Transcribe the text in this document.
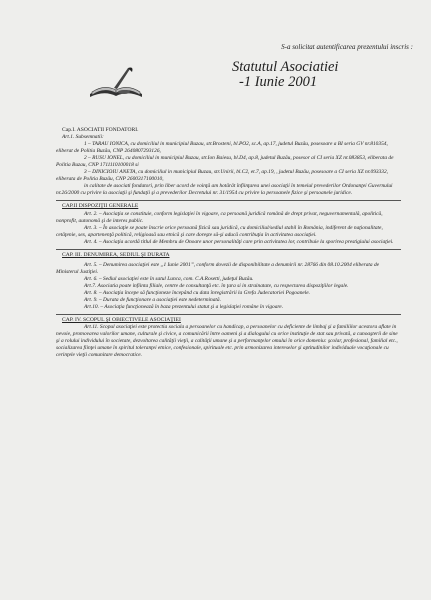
S-a solicitat autentificarea prezentului inscris :
Statutul Asociatiei
-1 Iunie 2001

Cap.I. ASOCIATII FONDATORI.

Art.1. Subsemnatii:

1 – TARAU IONICA, cu domiciliul in municipiul Buzau, str.Brosteni, bl.PO2, sc.A, ap.17, judetul Buzău, posesoare a BI seria GV nr.810354, eliberat de Politia Buzău, CNP 2640807293126,

2 – RUSU IONEL, cu domiciliul in municipiul Buzau, str.Ion Baiesu, bl.D4, ap.8, judetul Buzău, posesor al CI seria XZ nr.083853, eliberata de Politia Buzau, CNP 1711110100018 si

3 – DINICIOIU ANETA, cu domiciliul in municipiul Buzau, str.Unirii, bl.C2, et.7, ap.19, , judetul Buzău, posesoare a CI seria XZ nr.093332, eliberata de Politia Buzău, CNP 2600317100010,

in calitate de asociati fondatori, prin liber acord de voinţă am hotărât înfiinţarea unei asociaţii în temeiul prevederilor Ordonanţei Guvernului nr.26/2000 cu privire la asociaţii şi fundaţii şi a prevederilor Decretului nr. 31/1954 cu privire la persoanele fizice şi persoanele juridice.

CAP.II DISPOZIŢII GENERALE

Art. 2. – Asociaţia se constituie, conform legislaţiei în vigoare, ca persoană juridică română de drept privat, neguvernamentală, apolitică, nonprofit, autonomă şi de interes public.

Art. 3. – În asociaţie se poate înscrie orice persoană fizică sau juridică, cu domiciliul/sediul stabil în România, indiferent de naţionalitate, cetăţenie, sex, apartenenţă politică, religioasă sau etnică şi care doreşte să-şi aducă contribuţia în activitatea asociaţiei.

Art. 4. – Asociaţia acordă titlul de Membru de Onoare unor personalităţi care prin activitatea lor, contribuie la sporirea prestigiului asociaţiei.

CAP. III. DENUMIREA, SEDIUL ŞI DURATA

Art. 5. – Denumirea asociaţiei este „1 Iunie 2001”, conform dovezii de disponibilitate a denumirii nr. 28766 din 08.10.2004 eliberata de Ministerul Justiţiei.

Art. 6. – Sediul asociaţiei este în satul Lunca, com. C.A.Rosetti, judeţul Buzău.

Art.7. Asociatia poate infiinta filiale, centre de consultanţă etc. în ţara si in strainatate, cu respectarea dispoziţiilor legale.

Art. 8. – Asociaţia începe să funcţioneze începând cu data înregistrării la Grefa Judecatoriei Pogoanele.

Art. 9. – Durata de funcţionare a asociaţiei este nedeterminată.

Art.10. – Asociaţia funcţionează în baza prezentului statut şi a legislaţiei române în vigoare.

CAP. IV. SCOPUL ŞI OBIECTIVELE ASOCIAŢIEI

Art.11. Scopul asociaţiei este protectia sociala a persoanelor cu handicap, a persoanelor cu deficiente de limbaj şi a familiilor acestora aflate in nevoie, promovarea valorilor umane, culturale şi civice, a comunicării între oameni şi a dialogului cu orice instituţie de stat sau privată, a cunoaşterii de sine şi a rolului individului în societate, dezvoltarea calităţii vieţii, a calităţii umane şi a performanţelor omului în orice domeniu: şcolar, profesional, familial etc., socializarea fiinţei umane în spiritul toleranţei etnice, confesionale, spirituale etc. prin armonizarea intereselor şi aptitudinilor individuale vocaţionale cu cerinţele vieţii comunitare democratice.
